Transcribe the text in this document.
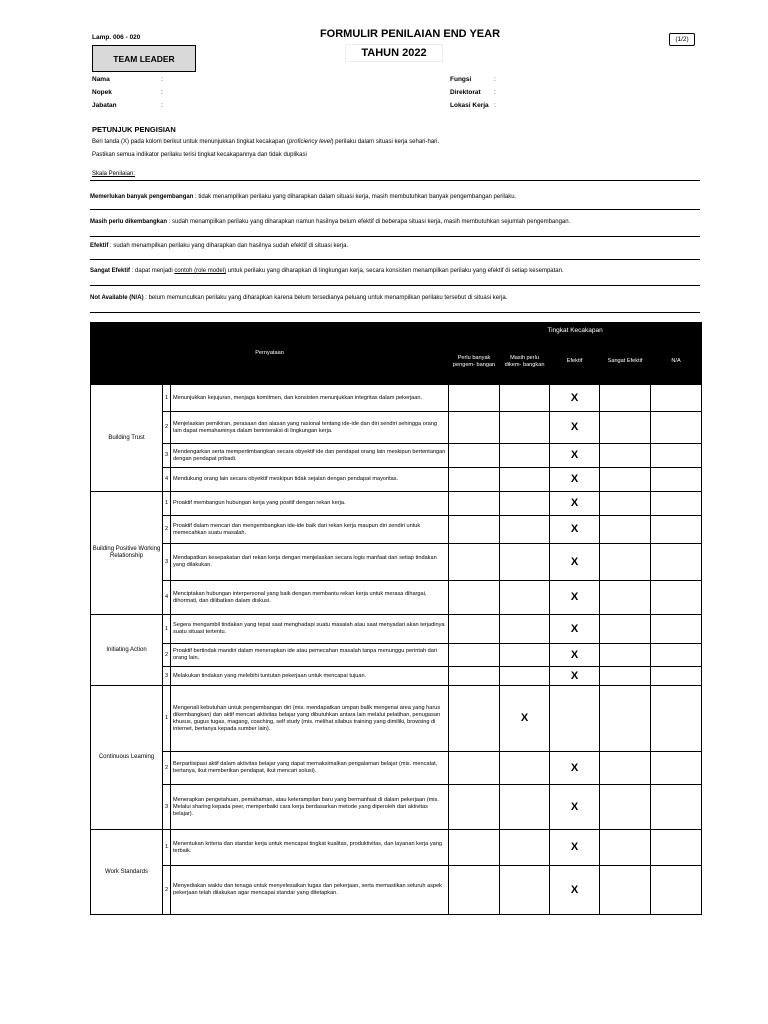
Lamp. 006 - 020
TEAM LEADER
FORMULIR PENILAIAN END YEAR
TAHUN 2022
(1/2)
Nama	:
Nopek	:
Jabatan	:
Fungsi	:
Direktorat :
Lokasi Kerja :
PETUNJUK PENGISIAN
Beri tanda (X) pada kolom berikut untuk menunjukkan tingkat kecakapan (proficiency level) perilaku dalam situasi kerja sehari-hari.
Pastikan semua indikator perilaku terisi tingkat kecakapannya dan tidak duplikasi
Skala Penilaian:
Memerlukan banyak pengembangan : tidak menampilkan perilaku yang diharapkan dalam situasi kerja, masih membutuhkan banyak pengembangan perilaku.
Masih perlu dikembangkan : sudah menampilkan perilaku yang diharapkan namun hasilnya belum efektif di beberapa situasi kerja, masih membutuhkan sejumlah pengembangan.
Efektif : sudah menampilkan perilaku yang diharapkan dan hasilnya sudah efektif di situasi kerja.
Sangat Efektif : dapat menjadi contoh (role model) untuk perilaku yang diharapkan di lingkungan kerja, secara konsisten menampilkan perilaku yang efektif di setiap kesempatan.
Not Available (N/A) : belum memunculkan perilaku yang diharapkan karena belum tersedianya peluang untuk menampilkan perilaku tersebut di situasi kerja.
Pernyataan			Tingkat Kecakapan				
			Perlu banyak pengem- bangan	Masih perlu dikem- bangkan	Efektif	Sangat Efektif	N/A
Building Trust	1	Menunjukkan kejujuran, menjaga komitmen, dan konsisten menunjukkan integritas dalam pekerjaan.			X		
	2	Menjelaskan pemikiran, perasaan dan alasan yang rasional tentang ide-ide dan diri sendiri sehingga orang lain dapat memahaminya dalam berinteraksi di lingkungan kerja.			X		
	3	Mendengarkan serta mempertimbangkan secara obyektif ide dan pendapat orang lain meskipun bertentangan dengan pendapat pribadi.			X		
	4	Mendukung orang lain secara obyektif meskipun tidak sejalan dengan pendapat mayoritas.			X		
Building Positive Working Relationship	1	Proaktif membangun hubungan kerja yang positif dengan rekan kerja.			X		
	2	Proaktif dalam mencari dan mengembangkan ide-ide baik dari rekan kerja maupun diri sendiri untuk memecahkan suatu masalah.			X		
	3	Mendapatkan kesepakatan dari rekan kerja dengan menjelaskan secara logis manfaat dari setiap tindakan yang dilakukan.			X		
	4	Menciptakan hubungan interpersonal yang baik dengan membantu rekan kerja untuk merasa dihargai, dihormati, dan dilibatkan dalam diskusi.			X		
Initiating Action	1	Segera mengambil tindakan yang tepat saat menghadapi suatu masalah atau saat menyadari akan terjadinya suatu situasi tertentu.			X		
	2	Proaktif bertindak mandiri dalam menerapkan ide atau pemecahan masalah tanpa menunggu perintah dari orang lain.			X		
	3	Melakukan tindakan yang melebihi tuntutan pekerjaan untuk mencapai tujuan.			X		
Continuous Learning	1	Mengenali kebutuhan untuk pengembangan diri (mis. mendapatkan umpan balik mengenai area yang harus dikembangkan) dan aktif mencari aktivitas belajar yang dibutuhkan antara lain melalui pelatihan, penugasan khusus, gugus tugas, magang, coaching, self study (mis. melihat silabus training yang dimiliki, browsing di internet, bertanya kepada sumber lain).		X			
	2	Berpartisipasi aktif dalam aktivitas belajar yang dapat memaksimalkan pengalaman belajar (mis. mencatat, bertanya, ikut memberikan pendapat, ikut mencari solusi).			X		
	3	Menerapkan pengetahuan, pemahaman, atau keterampilan baru yang bermanfaat di dalam pekerjaan (mis. Melalui sharing kepada peer, memperbaiki cara kerja berdasarkan metode yang diperoleh dari aktivitas belajar).			X		
Work Standards	1	Menentukan kriteria dan standar kerja untuk mencapai tingkat kualitas, produktivitas, dan layanan kerja yang terbaik.			X		
	2	Menyediakan waktu dan tenaga untuk menyelesaikan tugas dan pekerjaan, serta memastikan seluruh aspek pekerjaan telah dilakukan agar mencapai standar yang ditetapkan.			X		
